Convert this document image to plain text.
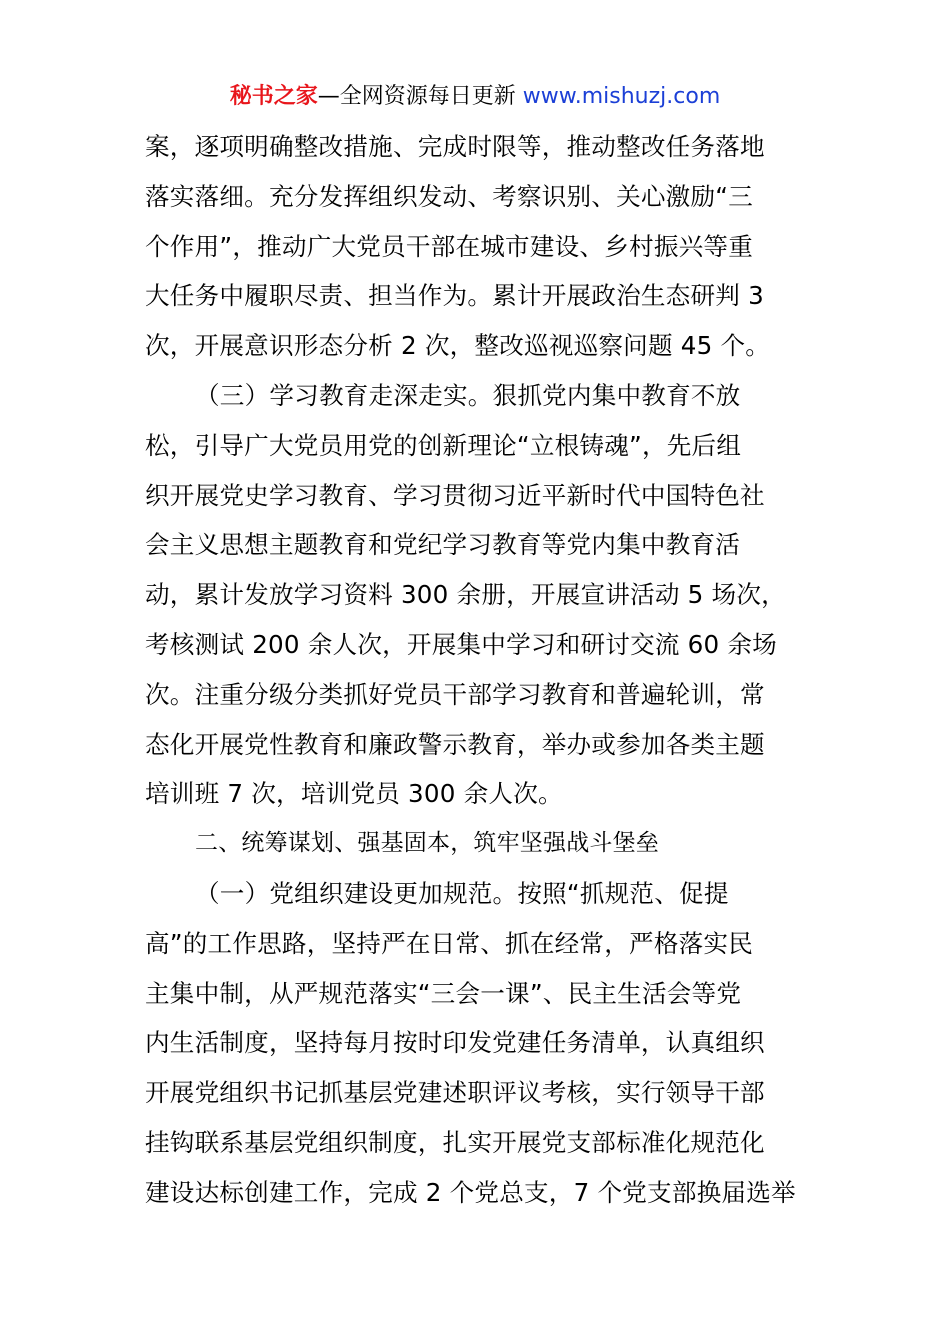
秘书之家—全网资源每日更新 www.mishuzj.com
案，逐项明确整改措施、完成时限等，推动整改任务落地
落实落细。充分发挥组织发动、考察识别、关心激励“三
个作用”，推动广大党员干部在城市建设、乡村振兴等重
大任务中履职尽责、担当作为。累计开展政治生态研判 3
次，开展意识形态分析 2 次，整改巡视巡察问题 45 个。
（三）学习教育走深走实。狠抓党内集中教育不放
松，引导广大党员用党的创新理论“立根铸魂”，先后组
织开展党史学习教育、学习贯彻习近平新时代中国特色社
会主义思想主题教育和党纪学习教育等党内集中教育活
动，累计发放学习资料 300 余册，开展宣讲活动 5 场次，
考核测试 200 余人次，开展集中学习和研讨交流 60 余场
次。注重分级分类抓好党员干部学习教育和普遍轮训，常
态化开展党性教育和廉政警示教育，举办或参加各类主题
培训班 7 次，培训党员 300 余人次。
二、统筹谋划、强基固本，筑牢坚强战斗堡垒
（一）党组织建设更加规范。按照“抓规范、促提
高”的工作思路，坚持严在日常、抓在经常，严格落实民
主集中制，从严规范落实“三会一课”、民主生活会等党
内生活制度，坚持每月按时印发党建任务清单，认真组织
开展党组织书记抓基层党建述职评议考核，实行领导干部
挂钩联系基层党组织制度，扎实开展党支部标准化规范化
建设达标创建工作，完成 2 个党总支，7 个党支部换届选举
